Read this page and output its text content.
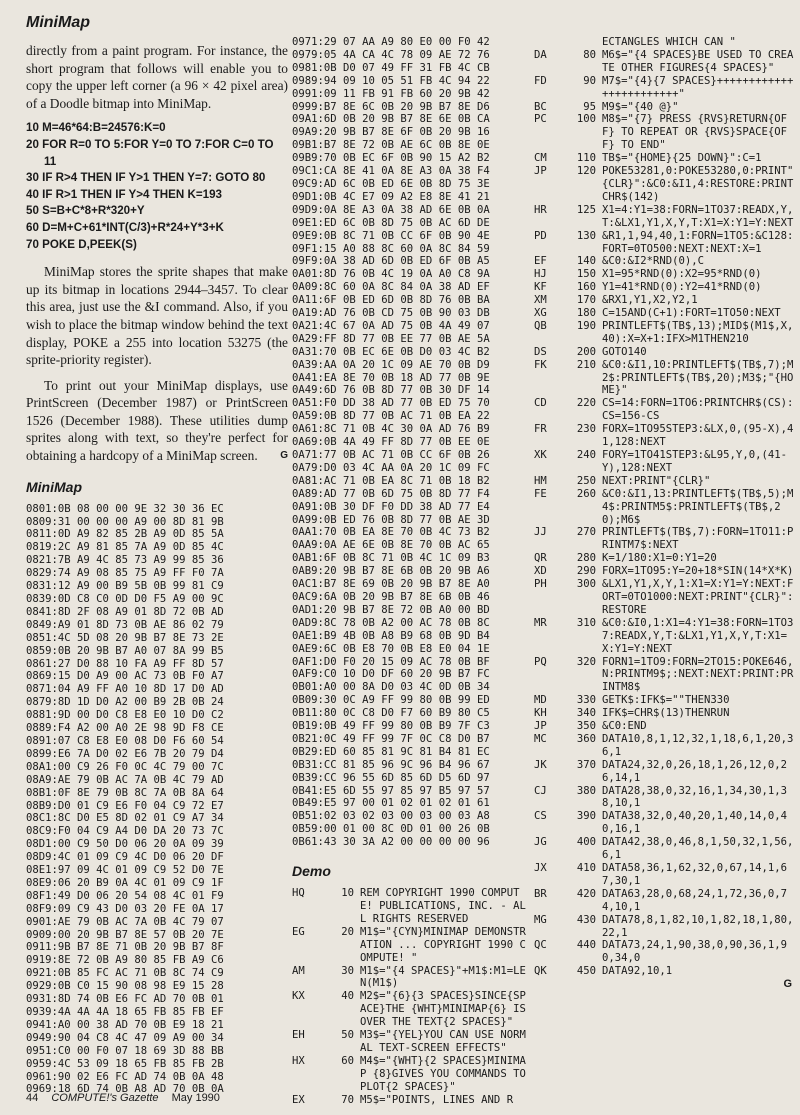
MiniMap

directly from a paint program. For instance, the short program that follows will enable you to copy the upper left corner (a 96 × 42 pixel area) of a Doodle bitmap into MiniMap.

10 M=46*64:B=24576:K=0
20 FOR R=0 TO 5:FOR Y=0 TO 7:FOR C=0 TO 11
30 IF R>4 THEN IF Y>1 THEN Y=7: GOTO 80
40 IF R>1 THEN IF Y>4 THEN K=193
50 S=B+C*8+R*320+Y
60 D=M+C+61*INT(C/3)+R*24+Y*3+K
70 POKE D,PEEK(S)

MiniMap stores the sprite shapes that make up its bitmap in locations 2944–3457. To clear this area, just use the &I command. Also, if you wish to place the bitmap window behind the text display, POKE a 255 into location 53275 (the sprite-priority register).

To print out your MiniMap displays, use PrintScreen (December 1987) or PrintScreen 1526 (December 1988). These utilities dump sprites along with text, so they're perfect for obtaining a hardcopy of a MiniMap screen.	G

MiniMap
0801:0B 08 00 00 9E 32 30 36 EC
0809:31 00 00 00 A9 00 8D 81 9B
0811:0D A9 82 85 2B A9 0D 85 5A
0819:2C A9 81 85 7A A9 0D 85 4C
0821:7B A9 4C 85 73 A9 99 85 36
0829:74 A9 08 85 75 A9 FF F0 7A
0831:12 A9 00 B9 5B 0B 99 81 C9
0839:0D C8 C0 0D D0 F5 A9 00 9C
0841:8D 2F 08 A9 01 8D 72 0B AD
0849:A9 01 8D 73 0B AE 86 02 79
0851:4C 5D 08 20 9B B7 8E 73 2E
0859:0B 20 9B B7 A0 07 8A 99 B5
0861:27 D0 88 10 FA A9 FF 8D 57
0869:15 D0 A9 00 AC 73 0B F0 A7
0871:04 A9 FF A0 10 8D 17 D0 AD
0879:8D 1D D0 A2 00 B9 2B 0B 24
0881:9D 00 D0 C8 E8 E0 10 D0 C2
0889:F4 A2 00 A0 2E 98 9D F8 CE
0891:07 C8 E8 E0 08 D0 F6 60 54
0899:E6 7A D0 02 E6 7B 20 79 D4
08A1:00 C9 26 F0 0C 4C 79 00 7C
08A9:AE 79 0B AC 7A 0B 4C 79 AD
08B1:0F 8E 79 0B 8C 7A 0B 8A 64
08B9:D0 01 C9 E6 F0 04 C9 72 E7
08C1:8C D0 E5 8D 02 01 C9 A7 34
08C9:F0 04 C9 A4 D0 DA 20 73 7C
08D1:00 C9 50 D0 06 20 0A 09 39
08D9:4C 01 09 C9 4C D0 06 20 DF
08E1:97 09 4C 01 09 C9 52 D0 7E
08E9:06 20 B9 0A 4C 01 09 C9 1F
08F1:49 D0 06 20 54 08 4C 01 F9
08F9:09 C9 43 D0 03 20 FE 0A 17
0901:AE 79 0B AC 7A 0B 4C 79 07
0909:00 20 9B B7 8E 57 0B 20 7E
0911:9B B7 8E 71 0B 20 9B B7 8F
0919:8E 72 0B A9 80 85 FB A9 C6
0921:0B 85 FC AC 71 0B 8C 74 C9
0929:0B C0 15 90 08 98 E9 15 28
0931:8D 74 0B E6 FC AD 70 0B 01
0939:4A 4A 4A 18 65 FB 85 FB EF
0941:A0 00 38 AD 70 0B E9 18 21
0949:90 04 C8 4C 47 09 A9 00 34
0951:C0 00 F0 07 18 69 3D 88 BB
0959:4C 53 09 18 65 FB 85 FB 2B
0961:90 02 E6 FC AD 74 0B 0A 48
0969:18 6D 74 0B A8 AD 70 0B 0A
0971:29 07 AA A9 80 E0 00 F0 42
0979:05 4A CA 4C 78 09 AE 72 76
0981:0B D0 07 49 FF 31 FB 4C CB
0989:94 09 10 05 51 FB 4C 94 22
0991:09 11 FB 91 FB 60 20 9B 42
0999:B7 8E 6C 0B 20 9B B7 8E D6
09A1:6D 0B 20 9B B7 8E 6E 0B CA
09A9:20 9B B7 8E 6F 0B 20 9B 16
09B1:B7 8E 72 0B AE 6C 0B 8E 0E
09B9:70 0B EC 6F 0B 90 15 A2 B2
09C1:CA 8E 41 0A 8E A3 0A 38 F4
09C9:AD 6C 0B ED 6E 0B 8D 75 3E
09D1:0B 4C E7 09 A2 E8 8E 41 21
09D9:0A 8E A3 0A 38 AD 6E 0B 0A
09E1:ED 6C 0B 8D 75 0B AC 6D DE
09E9:0B 8C 71 0B CC 6F 0B 90 4E
09F1:15 A0 88 8C 60 0A 8C 84 59
09F9:0A 38 AD 6D 0B ED 6F 0B A5
0A01:8D 76 0B 4C 19 0A A0 C8 9A
0A09:8C 60 0A 8C 84 0A 38 AD EF
0A11:6F 0B ED 6D 0B 8D 76 0B BA
0A19:AD 76 0B CD 75 0B 90 03 DB
0A21:4C 67 0A AD 75 0B 4A 49 07
0A29:FF 8D 77 0B EE 77 0B AE 5A
0A31:70 0B EC 6E 0B D0 03 4C B2
0A39:AA 0A 20 1C 09 AE 70 0B D9
0A41:EA 8E 70 0B 18 AD 77 0B 9E
0A49:6D 76 0B 8D 77 0B 30 DF 14
0A51:F0 DD 38 AD 77 0B ED 75 70
0A59:0B 8D 77 0B AC 71 0B EA 22
0A61:8C 71 0B 4C 30 0A AD 76 B9
0A69:0B 4A 49 FF 8D 77 0B EE 0E
0A71:77 0B AC 71 0B CC 6F 0B 26
0A79:D0 03 4C AA 0A 20 1C 09 FC
0A81:AC 71 0B EA 8C 71 0B 18 B2
0A89:AD 77 0B 6D 75 0B 8D 77 F4
0A91:0B 30 DF F0 DD 38 AD 77 E4
0A99:0B ED 76 0B 8D 77 0B AE 3D
0AA1:70 0B EA 8E 70 0B 4C 73 B2
0AA9:0A AE 6E 0B 8E 70 0B AC 65
0AB1:6F 0B 8C 71 0B 4C 1C 09 B3
0AB9:20 9B B7 8E 6B 0B 20 9B A6
0AC1:B7 8E 69 0B 20 9B B7 8E A0
0AC9:6A 0B 20 9B B7 8E 6B 0B 46
0AD1:20 9B B7 8E 72 0B A0 00 BD
0AD9:8C 78 0B A2 00 AC 78 0B 8C
0AE1:B9 4B 0B A8 B9 68 0B 9D B4
0AE9:6C 0B E8 70 0B E8 E0 04 1E
0AF1:D0 F0 20 15 09 AC 78 0B BF
0AF9:C0 10 D0 DF 60 20 9B B7 FC
0B01:A0 00 8A D0 03 4C 0D 0B 34
0B09:30 0C A9 FF 99 80 0B 99 ED
0B11:80 0C C8 D0 F7 60 B9 80 C5
0B19:0B 49 FF 99 80 0B B9 7F C3
0B21:0C 49 FF 99 7F 0C C8 D0 B7
0B29:ED 60 85 81 9C 81 B4 81 EC
0B31:CC 81 85 96 9C 96 B4 96 67
0B39:CC 96 55 6D 85 6D D5 6D 97
0B41:E5 6D 55 97 85 97 B5 97 57
0B49:E5 97 00 01 02 01 02 01 61
0B51:02 03 02 03 00 03 00 03 A8
0B59:00 01 00 8C 0D 01 00 26 0B
0B61:43 30 3A A2 00 00 00 00 96
Demo
HQ	10 REM COPYRIGHT 1990 COMPUTE! PUBLICATIONS, INC. - ALL RIGHTS RESERVED
EG	20 M1$="{CYN}MINIMAP DEMONSTRATION ... COPYRIGHT 1990 COMPUTE! "
AM	30 M1$="{4 SPACES}"+M1$:M1=LEN(M1$)
KX	40 M2$="{6}{3 SPACES}SINCE{SPACE}THE {WHT}MINIMAP{6} IS OVER THE TEXT{2 SPACES}"
EH	50 M3$="{YEL}YOU CAN USE NORMAL TEXT-SCREEN EFFECTS"
HX	60 M4$="{WHT}{2 SPACES}MINIMAP {8}GIVES YOU COMMANDS TO PLOT{2 SPACES}"
EX	70 M5$="POINTS, LINES AND R
ECTANGLES WHICH CAN "
DA	80 M6$="{4 SPACES}BE USED TO CREATE OTHER FIGURES{4 SPACES}"
FD	90 M7$="{4}{7 SPACES}++++++++++++++++++++++++"
BC	95 M9$="{40 @}"
PC	100 M8$="{7} PRESS {RVS}RETURN{OFF} TO REPEAT OR {RVS}SPACE{OFF} TO END"
CM	110 TB$="{HOME}{25 DOWN}":C=1
JP	120 POKE53281,0:POKE53280,0:PRINT"{CLR}":&C0:&I1,4:RESTORE:PRINTCHR$(142)
HR	125 X1=4:Y1=38:FORN=1TO37:READX,Y,T:&LX1,Y1,X,Y,T:X1=X:Y1=Y:NEXT
PD	130 &R1,1,94,40,1:FORN=1TO5:&C128:FORT=0TO500:NEXT:NEXT:X=1
EF	140 &C0:&I2*RND(0),C
HJ	150 X1=95*RND(0):X2=95*RND(0)
KF	160 Y1=41*RND(0):Y2=41*RND(0)
XM	170 &RX1,Y1,X2,Y2,1
XG	180 C=15AND(C+1):FORT=1TO50:NEXT
QB	190 PRINTLEFT$(TB$,13);MID$(M1$,X,40):X=X+1:IFX>M1THEN210
DS	200 GOTO140
FK	210 &C0:&I1,10:PRINTLEFT$(TB$,7);M2$:PRINTLEFT$(TB$,20);M3$;"{HOME}"
CD	220 CS=14:FORN=1TO6:PRINTCHR$(CS):CS=156-CS
FR	230 FORX=1TO95STEP3:&LX,0,(95-X),41,128:NEXT
XK	240 FORY=1TO41STEP3:&L95,Y,0,(41-Y),128:NEXT
HM	250 NEXT:PRINT"{CLR}"
FE	260 &C0:&I1,13:PRINTLEFT$(TB$,5);M4$:PRINTM5$:PRINTLEFT$(TB$,20);M6$
JJ	270 PRINTLEFT$(TB$,7):FORN=1TO11:PRINTM7$:NEXT
QR	280 K=1/180:X1=0:Y1=20
XD	290 FORX=1TO95:Y=20+18*SIN(14*X*K)
PH	300 &LX1,Y1,X,Y,1:X1=X:Y1=Y:NEXT:FORT=0TO1000:NEXT:PRINT"{CLR}":RESTORE
MR	310 &C0:&I0,1:X1=4:Y1=38:FORN=1TO37:READX,Y,T:&LX1,Y1,X,Y,T:X1=X:Y1=Y:NEXT
PQ	320 FORN1=1TO9:FORN=2TO15:POKE646,N:PRINTM9$;:NEXT:NEXT:PRINT:PRINTM8$
MD	330 GETK$:IFK$=""THEN330
KH	340 IFK$=CHR$(13)THENRUN
JP	350 &C0:END
MC	360 DATA10,8,1,12,32,1,18,6,1,20,36,1
JK	370 DATA24,32,0,26,18,1,26,12,0,26,14,1
CJ	380 DATA28,38,0,32,16,1,34,30,1,38,10,1
CS	390 DATA38,32,0,40,20,1,40,14,0,40,16,1
JG	400 DATA42,38,0,46,8,1,50,32,1,56,6,1
JX	410 DATA58,36,1,62,32,0,67,14,1,67,30,1
BR	420 DATA63,28,0,68,24,1,72,36,0,74,10,1
MG	430 DATA78,8,1,82,10,1,82,18,1,80,22,1
QC	440 DATA73,24,1,90,38,0,90,36,1,90,34,0
QK	450 DATA92,10,1
G
44 COMPUTE!'s Gazette May 1990
